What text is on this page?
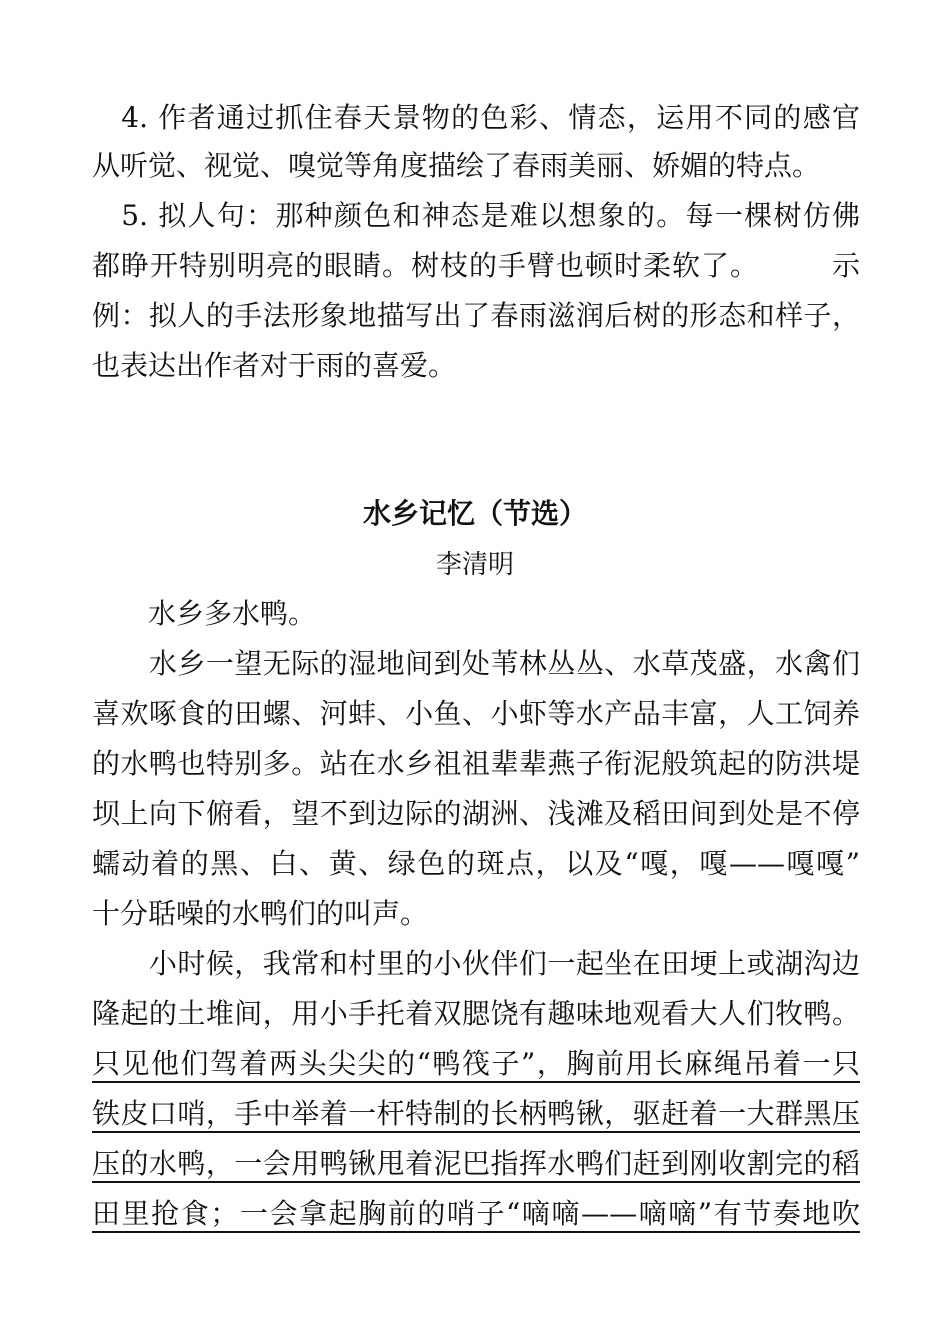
　4. 作者通过抓住春天景物的色彩、情态，运用不同的感官

从听觉、视觉、嗅觉等角度描绘了春雨美丽、娇媚的特点。

　5. 拟人句：那种颜色和神态是难以想象的。每一棵树仿佛

都睁开特别明亮的眼睛。树枝的手臂也顿时柔软了。　　　示

例：拟人的手法形象地描写出了春雨滋润后树的形态和样子，

也表达出作者对于雨的喜爱。

水乡记忆（节选）

李清明

　　水乡多水鸭。

　　水乡一望无际的湿地间到处苇林丛丛、水草茂盛，水禽们

喜欢啄食的田螺、河蚌、小鱼、小虾等水产品丰富，人工饲养

的水鸭也特别多。站在水乡祖祖辈辈燕子衔泥般筑起的防洪堤

坝上向下俯看，望不到边际的湖洲、浅滩及稻田间到处是不停

蠕动着的黑、白、黄、绿色的斑点，以及“嘎，嘎——嘎嘎”

十分聒噪的水鸭们的叫声。

　　小时候，我常和村里的小伙伴们一起坐在田埂上或湖沟边

隆起的土堆间，用小手托着双腮饶有趣味地观看大人们牧鸭。

只见他们驾着两头尖尖的“鸭筏子”，胸前用长麻绳吊着一只

铁皮口哨，手中举着一杆特制的长柄鸭锹，驱赶着一大群黑压

压的水鸭，一会用鸭锹甩着泥巴指挥水鸭们赶到刚收割完的稻

田里抢食；一会拿起胸前的哨子“嘀嘀——嘀嘀”有节奏地吹
